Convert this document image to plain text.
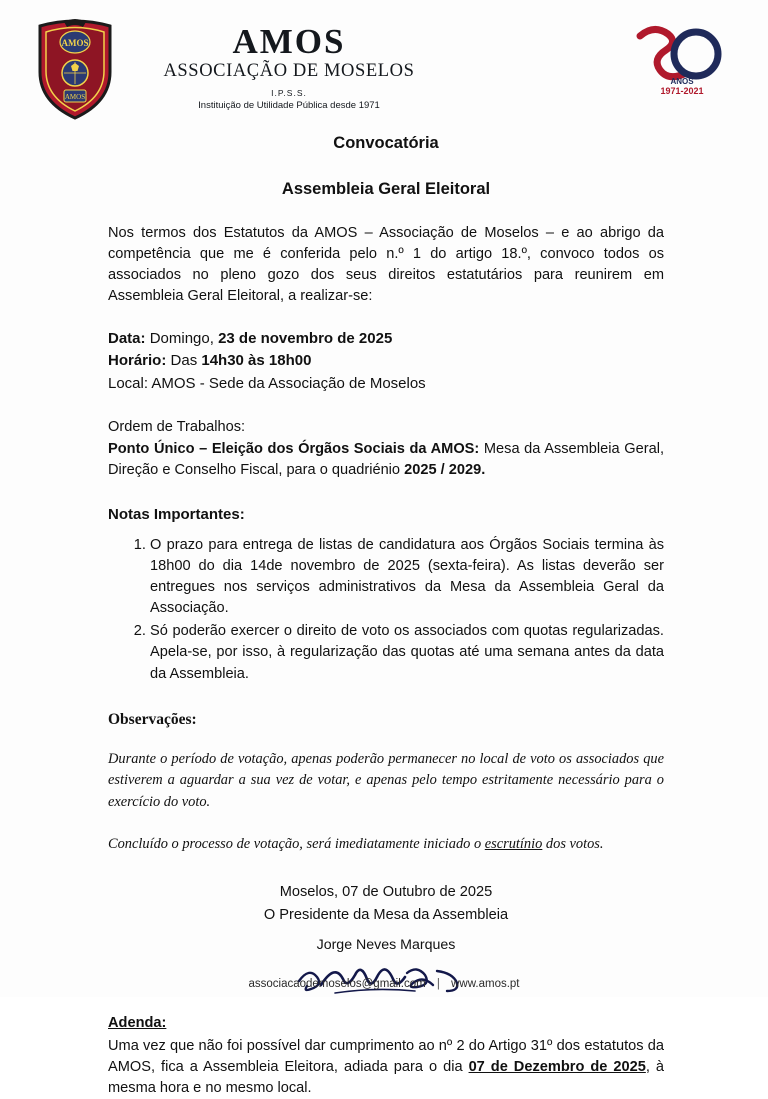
AMOS
AMOS
AMOS
ASSOCIAÇÃO DE MOSELOS
I.P.S.S.
Instituição de Utilidade Pública desde 1971
ANOS
1971-2021
Convocatória
Assembleia Geral Eleitoral

Nos termos dos Estatutos da AMOS – Associação de Moselos – e ao abrigo da competência que me é conferida pelo n.º 1 do artigo 18.º, convoco todos os associados no pleno gozo dos seus direitos estatutários para reunirem em Assembleia Geral Eleitoral, a realizar-se:

Data: Domingo, 23 de novembro de 2025
Horário: Das 14h30 às 18h00
Local: AMOS - Sede da Associação de Moselos
Ordem de Trabalhos:
Ponto Único – Eleição dos Órgãos Sociais da AMOS: Mesa da Assembleia Geral, Direção e Conselho Fiscal, para o quadriénio 2025 / 2029.
Notas Importantes:
1. O prazo para entrega de listas de candidatura aos Órgãos Sociais termina às 18h00 do dia 14de novembro de 2025 (sexta-feira). As listas deverão ser entregues nos serviços administrativos da Mesa da Assembleia Geral da Associação.
2. Só poderão exercer o direito de voto os associados com quotas regularizadas. Apela-se, por isso, à regularização das quotas até uma semana antes da data da Assembleia.
Observações:

Durante o período de votação, apenas poderão permanecer no local de voto os associados que estiverem a aguardar a sua vez de votar, e apenas pelo tempo estritamente necessário para o exercício do voto.

Concluído o processo de votação, será imediatamente iniciado o escrutínio dos votos.

Moselos, 07 de Outubro de 2025
O Presidente da Mesa da Assembleia
Jorge Neves Marques
Adenda:
Uma vez que não foi possível dar cumprimento ao nº 2 do Artigo 31º dos estatutos da AMOS, fica a Assembleia Eleitora, adiada para o dia 07 de Dezembro de 2025, à mesma hora e no mesmo local.
associacaodemoselos@gmail.com | www.amos.pt
